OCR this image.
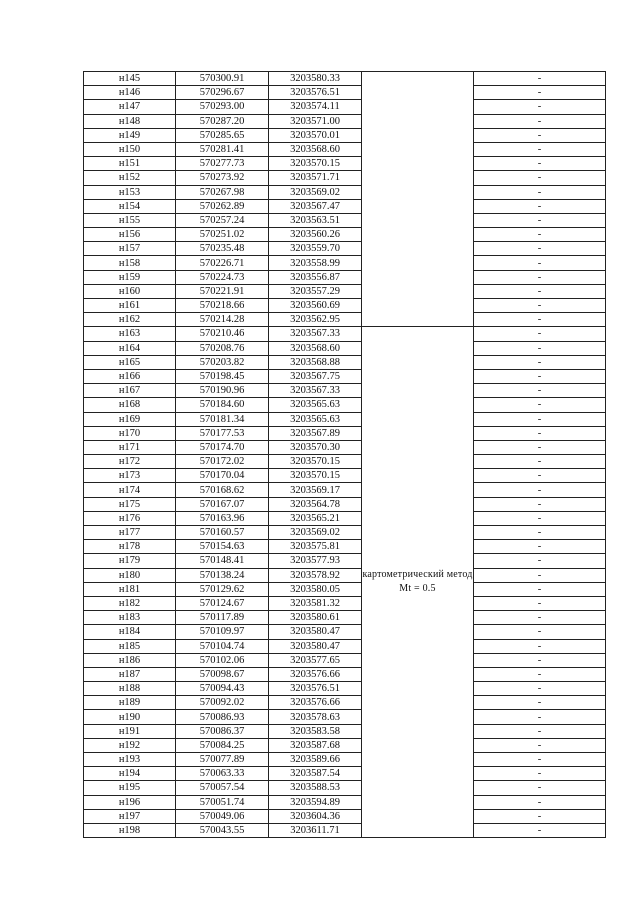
н145	570300.91	3203580.33		-
н146	570296.67	3203576.51		-
н147	570293.00	3203574.11		-
н148	570287.20	3203571.00		-
н149	570285.65	3203570.01		-
н150	570281.41	3203568.60		-
н151	570277.73	3203570.15		-
н152	570273.92	3203571.71		-
н153	570267.98	3203569.02		-
н154	570262.89	3203567.47		-
н155	570257.24	3203563.51		-
н156	570251.02	3203560.26		-
н157	570235.48	3203559.70		-
н158	570226.71	3203558.99		-
н159	570224.73	3203556.87		-
н160	570221.91	3203557.29		-
н161	570218.66	3203560.69		-
н162	570214.28	3203562.95		-
н163	570210.46	3203567.33	картометрический метод Mt = 0.5	-
н164	570208.76	3203568.60		-
н165	570203.82	3203568.88		-
н166	570198.45	3203567.75		-
н167	570190.96	3203567.33		-
н168	570184.60	3203565.63		-
н169	570181.34	3203565.63		-
н170	570177.53	3203567.89		-
н171	570174.70	3203570.30		-
н172	570172.02	3203570.15		-
н173	570170.04	3203570.15		-
н174	570168.62	3203569.17		-
н175	570167.07	3203564.78		-
н176	570163.96	3203565.21		-
н177	570160.57	3203569.02		-
н178	570154.63	3203575.81		-
н179	570148.41	3203577.93		-
н180	570138.24	3203578.92		-
н181	570129.62	3203580.05		-
н182	570124.67	3203581.32		-
н183	570117.89	3203580.61		-
н184	570109.97	3203580.47		-
н185	570104.74	3203580.47		-
н186	570102.06	3203577.65		-
н187	570098.67	3203576.66		-
н188	570094.43	3203576.51		-
н189	570092.02	3203576.66		-
н190	570086.93	3203578.63		-
н191	570086.37	3203583.58		-
н192	570084.25	3203587.68		-
н193	570077.89	3203589.66		-
н194	570063.33	3203587.54		-
н195	570057.54	3203588.53		-
н196	570051.74	3203594.89		-
н197	570049.06	3203604.36		-
н198	570043.55	3203611.71		-
